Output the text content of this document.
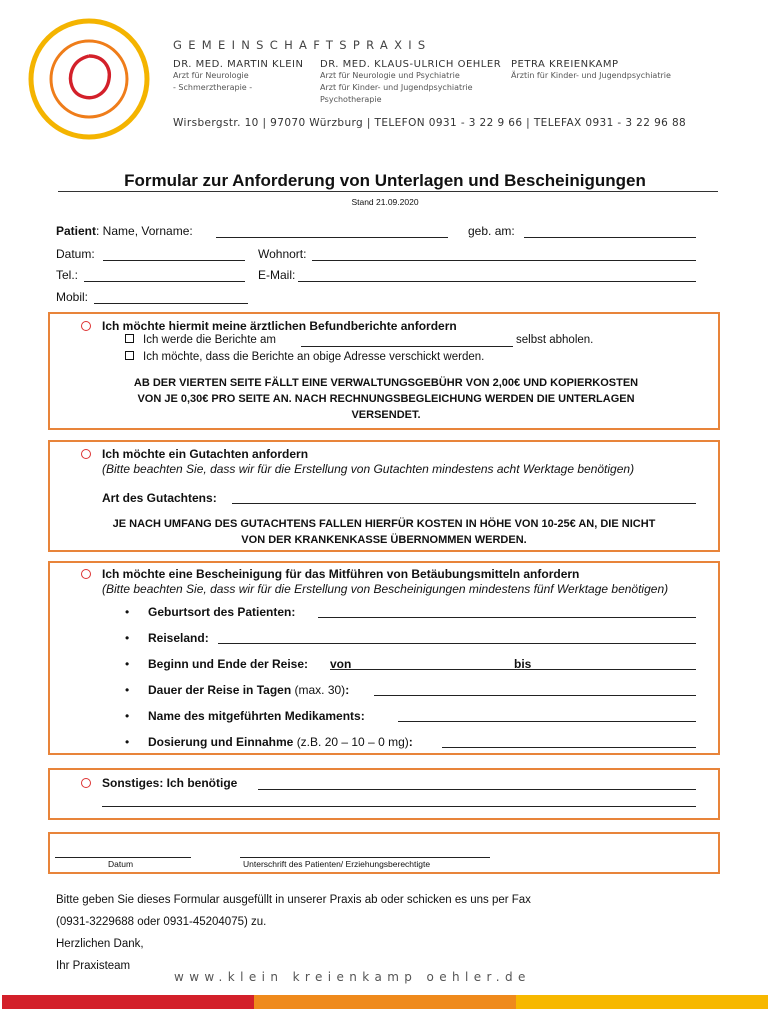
GEMEINSCHAFTSPRAXIS
DR. MED. MARTIN KLEIN
Arzt für Neurologie
- Schmerztherapie -
DR. MED. KLAUS-ULRICH OEHLER
Arzt für Neurologie und Psychiatrie
Arzt für Kinder- und Jugendpsychiatrie
Psychotherapie
PETRA KREIENKAMP
Ärztin für Kinder- und Jugendpsychiatrie
Wirsbergstr. 10 | 97070 Würzburg | TELEFON 0931 - 3 22 9 66 | TELEFAX 0931 - 3 22 96 88
Formular zur Anforderung von Unterlagen und Bescheinigungen
Stand 21.09.2020
Patient: Name, Vorname:	geb. am:
Datum:	Wohnort:
Tel.:	E-Mail:
Mobil:
Ich möchte hiermit meine ärztlichen Befundberichte anfordern
Ich werde die Berichte am	selbst abholen.
Ich möchte, dass die Berichte an obige Adresse verschickt werden.
AB DER VIERTEN SEITE FÄLLT EINE VERWALTUNGSGEBÜHR VON 2,00€ UND KOPIERKOSTEN
VON JE 0,30€ PRO SEITE AN. NACH RECHNUNGSBEGLEICHUNG WERDEN DIE UNTERLAGEN
VERSENDET.
Ich möchte ein Gutachten anfordern
(Bitte beachten Sie, dass wir für die Erstellung von Gutachten mindestens acht Werktage benötigen)
Art des Gutachtens:
JE NACH UMFANG DES GUTACHTENS FALLEN HIERFÜR KOSTEN IN HÖHE VON 10-25€ AN, DIE NICHT
VON DER KRANKENKASSE ÜBERNOMMEN WERDEN.
Ich möchte eine Bescheinigung für das Mitführen von Betäubungsmitteln anfordern
(Bitte beachten Sie, dass wir für die Erstellung von Bescheinigungen mindestens fünf Werktage benötigen)
• Geburtsort des Patienten:
• Reiseland:
• Beginn und Ende der Reise: von	bis
• Dauer der Reise in Tagen (max. 30):
• Name des mitgeführten Medikaments:
• Dosierung und Einnahme (z.B. 20 – 10 – 0 mg):
Sonstiges: Ich benötige
Datum	Unterschrift des Patienten/ Erziehungsberechtigte
Bitte geben Sie dieses Formular ausgefüllt in unserer Praxis ab oder schicken es uns per Fax
(0931-3229688 oder 0931-45204075) zu.
Herzlichen Dank,
Ihr Praxisteam
www.klein kreienkamp oehler.de
